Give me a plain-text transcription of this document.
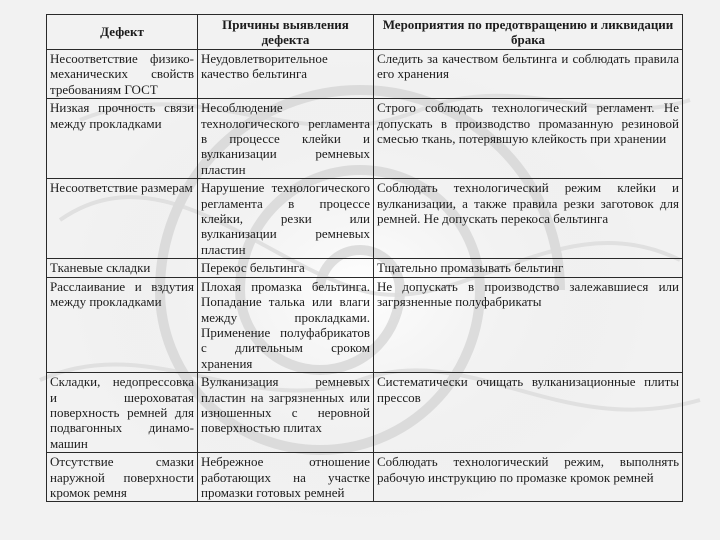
Дефект	Причины выявления дефекта	Мероприятия по предотвращению и ликвидации брака
Несоответствие физико-механических свойств требованиям ГОСТ	Неудовлетворительное качество бельтинга	Следить за качеством бельтинга и соблюдать правила его хранения
Низкая прочность связи между прокладками	Несоблюдение технологического регламента в процессе клейки и вулканизации ремневых пластин	Строго соблюдать технологический регламент. Не допускать в производство промазанную резиновой смесью ткань, потерявшую клейкость при хранении
Несоответствие размерам	Нарушение технологического регламента в процессе клейки, резки или вулканизации ремневых пластин	Соблюдать технологический режим клейки и вулканизации, а также правила резки заготовок для ремней. Не допускать перекоса бельтинга
Тканевые складки	Перекос бельтинга	Тщательно промазывать бельтинг
Расслаивание и вздутия между прокладками	Плохая промазка бельтинга. Попадание талька или влаги между прокладками. Применение полуфабрикатов с длительным сроком хранения	Не допускать в производство залежавшиеся или загрязненные полуфабрикаты
Складки, недопрессовка и шероховатая поверхность ремней для подвагонных динамо-машин	Вулканизация ремневых пластин на загрязненных или изношенных с неровной поверхностью плитах	Систематически очищать вулканизационные плиты прессов
Отсутствие смазки наружной поверхности кромок ремня	Небрежное отношение работающих на участке промазки готовых ремней	Соблюдать технологический режим, выполнять рабочую инструкцию по промазке кромок ремней
